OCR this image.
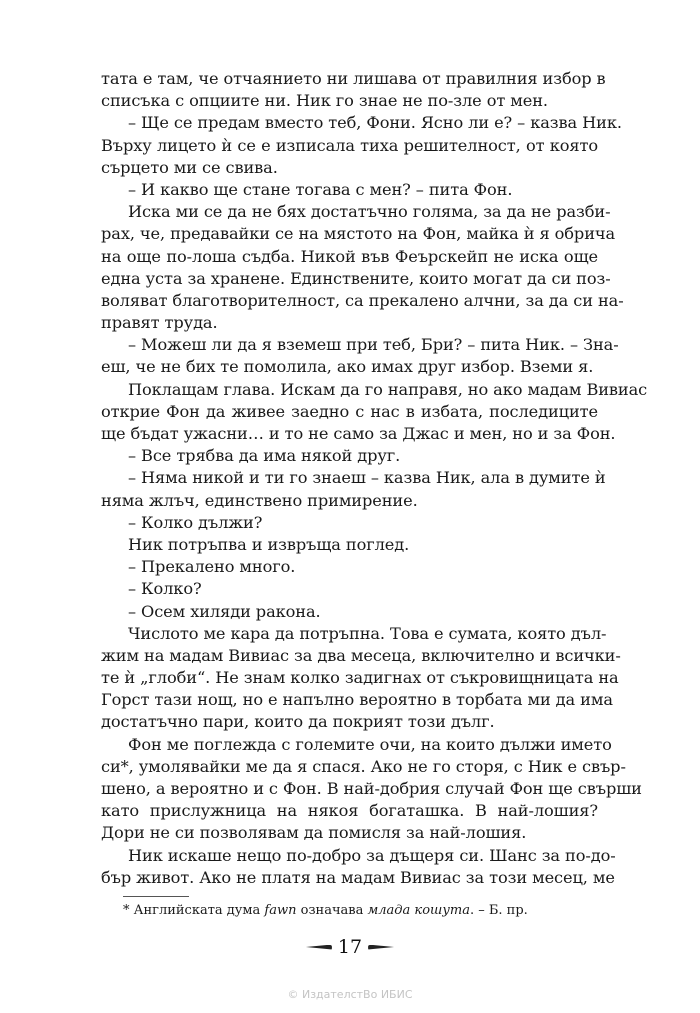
тата е там, че отчаянието ни лишава от правилния избор в
списъка с опциите ни. Ник го знае не по-зле от мен.
– Ще се предам вместо теб, Фони. Ясно ли е? – казва Ник.
Върху лицето ѝ се е изписала тиха решителност, от която
сърцето ми се свива.
– И какво ще стане тогава с мен? – пита Фон.
Иска ми се да не бях достатъчно голяма, за да не разби-
рах, че, предавайки се на мястото на Фон, майка ѝ я обрича
на още по-лоша съдба. Никой във Феърскейп не иска още
една уста за хранене. Единствените, които могат да си поз-
воляват благотворителност, са прекалено алчни, за да си на-
правят труда.
– Можеш ли да я вземеш при теб, Бри? – пита Ник. – Зна-
еш, че не бих те помолила, ако имах друг избор. Вземи я.
Поклащам глава. Искам да го направя, но ако мадам Вивиас
открие Фон да живее заедно с нас в избата, последиците
ще бъдат ужасни… и то не само за Джас и мен, но и за Фон.
– Все трябва да има някой друг.
– Няма никой и ти го знаеш – казва Ник, ала в думите ѝ
няма жлъч, единствено примирение.
– Колко дължи?
Ник потръпва и извръща поглед.
– Прекалено много.
– Колко?
– Осем хиляди ракона.
Числото ме кара да потръпна. Това е сумата, която дъл-
жим на мадам Вивиас за два месеца, включително и всички-
те ѝ „глоби“. Не знам колко задигнах от съкровищницата на
Горст тази нощ, но е напълно вероятно в торбата ми да има
достатъчно пари, които да покрият този дълг.
Фон ме поглежда с големите очи, на които дължи името
си*, умолявайки ме да я спася. Ако не го сторя, с Ник е свър-
шено, а вероятно и с Фон. В най-добрия случай Фон ще свърши
като прислужница на някоя богаташка. В най-лошия?
Дори не си позволявам да помисля за най-лошия.
Ник искаше нещо по-добро за дъщеря си. Шанс за по-до-
бър живот. Ако не платя на мадам Вивиас за този месец, ме
* Английската дума fawn означава млада кошута. – Б. пр.
17
© ИздателстВо ИБИС
